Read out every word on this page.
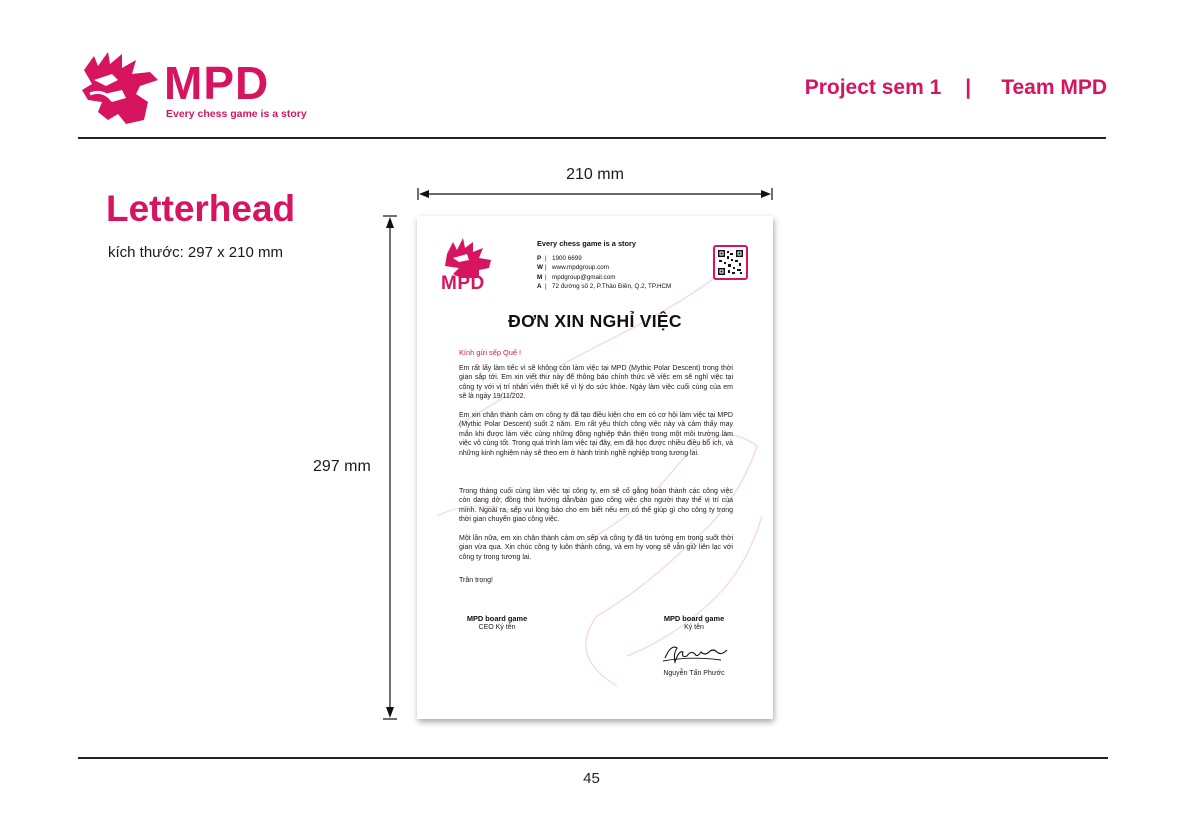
MPD
Every chess game is a story
Project sem 1 | Team MPD
Letterhead
kích thước: 297 x 210 mm
210 mm
297 mm
MPD
Every chess game is a story
P | 1900 6699
W | www.mpdgroup.com
M | mpdgroup@gmail.com
A | 72 đường số 2, P.Thảo Điền, Q.2, TP.HCM
ĐƠN XIN NGHỈ VIỆC
Kính gửi sếp Quế !
Em rất lấy làm tiếc vì sẽ không còn làm việc tại MPD (Mythic Polar Descent) trong thời gian sắp tới. Em xin viết thư này để thông báo chính thức về việc em sẽ nghỉ việc tại công ty với vị trí nhân viên thiết kế vì lý do sức khỏe. Ngày làm việc cuối cùng của em sẽ là ngày 19/11/202.
Em xin chân thành cảm ơn công ty đã tạo điều kiện cho em có cơ hội làm việc tại MPD (Mythic Polar Descent) suốt 2 năm. Em rất yêu thích công việc này và cảm thấy may mắn khi được làm việc cùng những đồng nghiệp thân thiện trong một môi trường làm việc vô cùng tốt. Trong quá trình làm việc tại đây, em đã học được nhiều điều bổ ích, và những kinh nghiệm này sẽ theo em ở hành trình nghề nghiệp trong tương lai.
Trong tháng cuối cùng làm việc tại công ty, em sẽ cố gắng hoàn thành các công việc còn dang dở; đồng thời hướng dẫn/bàn giao công việc cho người thay thế vị trí của mình. Ngoài ra, sếp vui lòng báo cho em biết nếu em có thể giúp gì cho công ty trong thời gian chuyển giao công việc.
Một lần nữa, em xin chân thành cảm ơn sếp và công ty đã tin tưởng em trong suốt thời gian vừa qua. Xin chúc công ty luôn thành công, và em hy vọng sẽ vẫn giữ liên lạc với công ty trong tương lai.
Trân trọng!
MPD board game
CEO Ký tên
MPD board game
Ký tên
Nguyễn Tấn Phước
45
